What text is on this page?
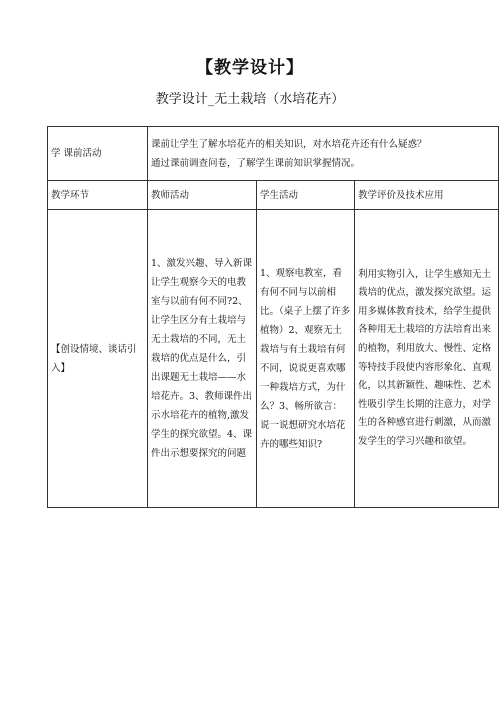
【教学设计】
教学设计_无土栽培（水培花卉）
学 课前活动	课前让学生了解水培花卉的相关知识，对水培花卉还有什么疑惑？
通过课前调查问卷，了解学生课前知识掌握情况。		

教学环节	教师活动	学生活动	教学评价及技术应用
【创设情境、谈话引入】	1、激发兴趣、导入新课让学生观察今天的电教室与以前有何不同?2、让学生区分有土栽培与无土栽培的不同，无土栽培的优点是什么，引出课题无土栽培——水培花卉。3、教师课件出示水培花卉的植物,激发学生的探究欲望。4、课件出示想要探究的问题	1、观察电教室，看有何不同与以前相比。（桌子上摆了许多植物）2、观察无土栽培与有土栽培有何不同，说说更喜欢哪一种栽培方式，为什么？3、畅所欲言：说一说想研究水培花卉的哪些知识?	利用实物引入，让学生感知无土栽培的优点，激发探究欲望。运用多媒体教育技术，给学生提供各种用无土栽培的方法培育出来的植物，利用放大、慢性、定格等特技手段使内容形象化、直观化，以其新颖性、趣味性、艺术性吸引学生长期的注意力，对学生的各种感官进行刺激，从而激发学生的学习兴趣和欲望。
